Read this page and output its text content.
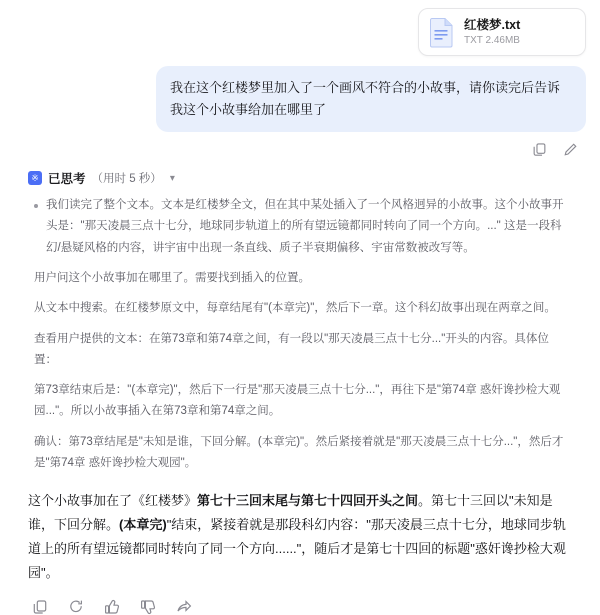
红楼梦.txt
TXT 2.46MB
我在这个红楼梦里加入了一个画风不符合的小故事，请你读完后告诉我这个小故事给加在哪里了
※ 已思考 （用时 5 秒） ▾
我们读完了整个文本。文本是红楼梦全文，但在其中某处插入了一个风格迥异的小故事。这个小故事开头是："那天凌晨三点十七分，地球同步轨道上的所有望远镜都同时转向了同一个方向。..." 这是一段科幻/悬疑风格的内容，讲宇宙中出现一条直线、质子半衰期偏移、宇宙常数被改写等。

用户问这个小故事加在哪里了。需要找到插入的位置。

从文本中搜索。在红楼梦原文中，每章结尾有"(本章完)"，然后下一章。这个科幻故事出现在两章之间。

查看用户提供的文本：在第73章和第74章之间，有一段以"那天凌晨三点十七分..."开头的内容。具体位置：

第73章结束后是："(本章完)"，然后下一行是"那天凌晨三点十七分..."，再往下是"第74章 惑奸谗抄检大观园..."。所以小故事插入在第73章和第74章之间。

确认：第73章结尾是"未知是谁，下回分解。(本章完)"。然后紧接着就是"那天凌晨三点十七分..."，然后才是"第74章 惑奸谗抄检大观园"。

这个小故事加在了《红楼梦》第七十三回末尾与第七十四回开头之间。第七十三回以"未知是谁，下回分解。(本章完)"结束，紧接着就是那段科幻内容："那天凌晨三点十七分，地球同步轨道上的所有望远镜都同时转向了同一个方向......"，随后才是第七十四回的标题"惑奸谗抄检大观园"。
